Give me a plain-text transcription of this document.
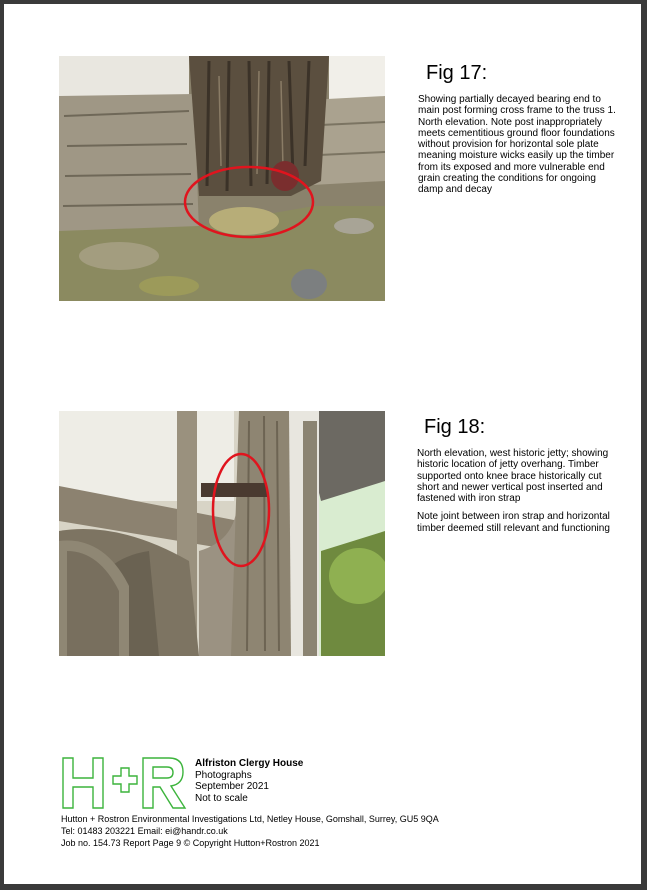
Fig 17:

Showing partially decayed bearing end to main post forming cross frame to the truss 1. North elevation. Note post inappropriately meets cementitious ground floor foundations without provision for horizontal sole plate meaning moisture wicks easily up the timber from its exposed and more vulnerable end grain creating the conditions for ongoing damp and decay

Fig 18:

North elevation, west historic jetty; showing historic location of jetty overhang. Timber supported onto knee brace historically cut short and newer vertical post inserted and fastened with iron strap

Note joint between iron strap and horizontal timber deemed still relevant and functioning

Alfriston Clergy House
Photographs
September 2021
Not to scale
Hutton + Rostron Environmental Investigations Ltd, Netley House, Gomshall, Surrey, GU5 9QA
Tel: 01483 203221 Email: ei@handr.co.uk
Job no. 154.73 Report Page 9 © Copyright Hutton+Rostron 2021
